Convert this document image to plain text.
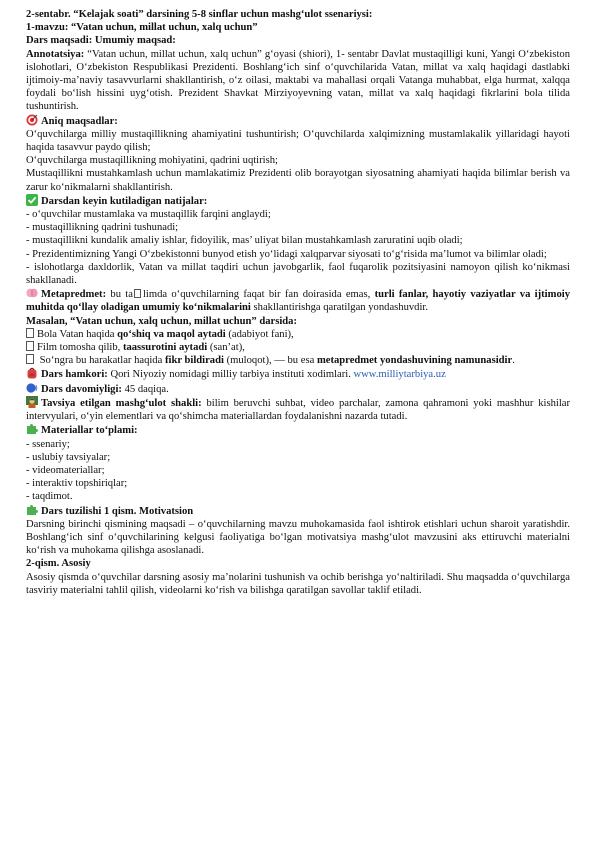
2-sentabr. “Kelajak soati” darsining 5-8 sinflar uchun mashg‘ulot ssenariysi:

1-mavzu: “Vatan uchun, millat uchun, xalq uchun”

Dars maqsadi: Umumiy maqsad:

Annotatsiya: “Vatan uchun, millat uchun, xalq uchun” g‘oyasi (shiori), 1- sentabr Davlat mustaqilligi kuni, Yangi O‘zbekiston islohotlari, O‘zbekiston Respublikasi Prezidenti. Boshlang‘ich sinf o‘quvchilarida Vatan, millat va xalq haqidagi dastlabki ijtimoiy-ma’naviy tasavvurlarni shakllantirish, o‘z oilasi, maktabi va mahallasi orqali Vatanga muhabbat, elga hurmat, xalqqa foydali bo‘lish hissini uyg‘otish. Prezident Shavkat Mirziyoyevning vatan, millat va xalq haqidagi fikrlarini bola tilida tushuntirish.

Aniq maqsadlar:

O‘quvchilarga milliy mustaqillikning ahamiyatini tushuntirish; O‘quvchilarda xalqimizning mustamlakalik yillaridagi hayoti haqida tasavvur paydo qilish;

O‘quvchilarga mustaqillikning mohiyatini, qadrini uqtirish;

Mustaqillikni mustahkamlash uchun mamlakatimiz Prezidenti olib borayotgan siyosatning ahamiyati haqida bilimlar berish va zarur ko‘nikmalarni shakllantirish.

Darsdan keyin kutiladigan natijalar:

- o‘quvchilar mustamlaka va mustaqillik farqini anglaydi;

- mustaqillikning qadrini tushunadi;

- mustaqillikni kundalik amaliy ishlar, fidoyilik, mas’ uliyat bilan mustahkamlash zaruratini uqib oladi;

- Prezidentimizning Yangi O‘zbekistonni bunyod etish yo‘lidagi xalqparvar siyosati to‘g‘risida ma’lumot va bilimlar oladi;

- islohotlarga daxldorlik, Vatan va millat taqdiri uchun javobgarlik, faol fuqarolik pozitsiyasini namoyon qilish ko‘nikmasi shakllanadi.

Metapredmet: bu ta limda o‘quvchilarning faqat bir fan doirasida emas, turli fanlar, hayotiy vaziyatlar va ijtimoiy muhitda qo‘llay oladigan umumiy ko‘nikmalarini shakllantirishga qaratilgan yondashuvdir.

Masalan, “Vatan uchun, xalq uchun, millat uchun” darsida:

Bola Vatan haqida qo‘shiq va maqol aytadi (adabiyot fani),

Film tomosha qilib, taassurotini aytadi (san’at),

So‘ngra bu harakatlar haqida fikr bildiradi (muloqot), — bu esa metapredmet yondashuvining namunasidir.

Dars hamkori: Qori Niyoziy nomidagi milliy tarbiya instituti xodimlari. www.milliytarbiya.uz

Dars davomiyligi: 45 daqiqa.

Tavsiya etilgan mashg‘ulot shakli: bilim beruvchi suhbat, video parchalar, zamona qahramoni yoki mashhur kishilar intervyulari, o‘yin elementlari va qo‘shimcha materiallardan foydalanishni nazarda tutadi.

Materiallar to‘plami:

- ssenariy;

- uslubiy tavsiyalar;

- videomateriallar;

- interaktiv topshiriqlar;

- taqdimot.

Dars tuzilishi 1 qism. Motivatsion

Darsning birinchi qismining maqsadi – o‘quvchilarning mavzu muhokamasida faol ishtirok etishlari uchun sharoit yaratishdir. Boshlang‘ich sinf o‘quvchilarining kelgusi faoliyatiga bo‘lgan motivatsiya mashg‘ulot mavzusini aks ettiruvchi materialni ko‘rish va muhokama qilishga asoslanadi.

2-qism. Asosiy

Asosiy qismda o‘quvchilar darsning asosiy ma’nolarini tushunish va ochib berishga yo‘naltiriladi. Shu maqsadda o‘quvchilarga tasviriy materialni tahlil qilish, videolarni ko‘rish va bilishga qaratilgan savollar taklif etiladi.
